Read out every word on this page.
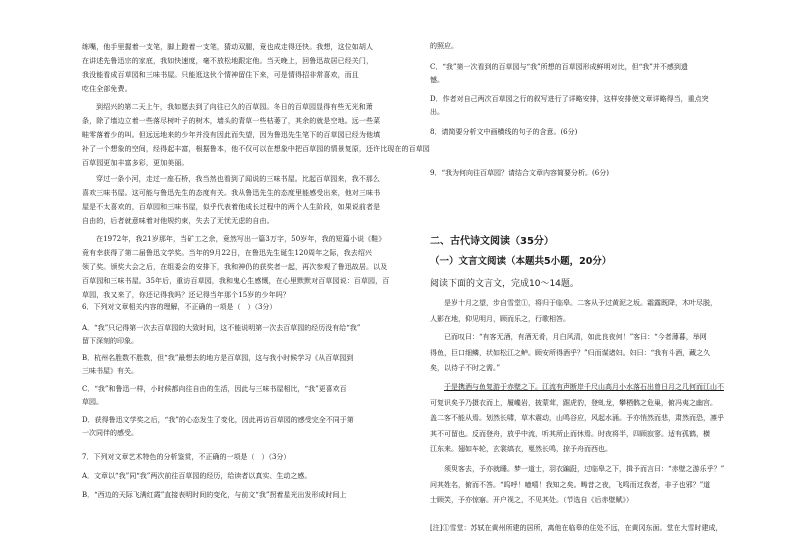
练嘴，他手里握着一支笔，脚上蹬着一支笔，猜动双腿，竟也成走得还快。我想，这位如胡人
在讲述先鲁迅宗的家底，我如快速度，毫不放松地跟定他。当天晚上，回鲁迅故居已经关门，
我没能看成百草园和三味书屋。只能逛这伙个情神留住下来，可是情得招非常喜欢，而且
吃住全部免费。
到绍兴的第二天上午，我如愿去到了向往已久的百草园。冬日的百草园显得有些无光和萧
条，除了墙边立着一些落尽树叶子的树木，墙头的青草一些枯萎了，其余的就是空地。远一些菜
畦零落着少的叫。但远远地来的少年并没有因此而失望，因为鲁迅先生笔下的百草园已经为他填
补了一个想象的空间，经得起丰富，根据鲁本，他不仅可以在想象中把百草园的情景复原，还许比现在的百草园
百草园更加丰富多彩，更加美丽。
穿过一条小河，走过一座石桥，我当然也看到了闻说的三味书屋。比起百草园来，我不那么
喜欢三味书屋。这可能与鲁迅先生的态度有关。我从鲁迅先生的态度里能感受出来，他对三味书
屋是不太喜欢的，百草园和三味书屋，似乎代表着他成长过程中的两个人生阶段，如果说前者是
自由的，后者就意味着对他规约束，失去了无忧无虑的自由。
在1972年，我21岁那年，当矿工之余，竟然写出一篇3万字，50岁年，我的短篇小说《鞋》
竟有幸获得了第二届鲁迅文学奖。当年的9月22日，在鲁迅先生诞生120周年之际，我去绍兴
领了奖。颁奖大会之后，在组委会的安排下，我和神仍的获奖者一起，再次参观了鲁迅故居。以及
百草园和三味书屋。35年后，重访百草园，我和鬼心生感慨，在心里默默对百草园说：百草园，百
草园，我又来了，你还记得我吗？还记得当年那个15岁的少年吗？
6．下列对文章相关内容的理解，不正确的一项是（　）（3分）
A．“我”只记得第一次去百草园的大致时间，这不能说明第一次去百草园的经历没有给“我”
留下深刻的印象。
B．杭州名胜数不胜数，但“我”最想去的地方是百草园，这与我小时候学习《从百草园到
三味书屋》有关。
C．“我”和鲁迅一样，小时候都向往自由的生活，因此与三味书屋相比，“我”更喜欢百
草园。
D．获得鲁迅文学奖之后，“我”的心态发生了变化，因此再访百草园的感受完全不同于第
一次同伴的感受。
7．下列对文章艺术特色的分析鉴赏，不正确的一项是（　）（3分）
A．文章以“我”同“我”两次前往百草园的经历，给读者以真实、生动之感。
B．“西边的天际飞满红霞”直接表明时间的变化，与前文“我”拐着星光出发形成时间上
的照应。
C．“我”第一次看到的百草园与“我”所想的百草园形成鲜明对比，但“我”并不感到遗
憾。
D．作者对自己两次百草园之行的叙写进行了详略安排，这样安排使文章详略得当，重点突
出。
8．请简要分析文中画横线的句子的含意。(6分)
9．“我为何向往百草园？请结合文章内容简要分析。(6分)
二、古代诗文阅读（35分）
（一）文言文阅读（本题共5小题，20分）
阅读下面的文言文，完成10～14题。
是岁十月之望，步自雪堂①，将归于临皋。二客从予过黄泥之坂。霜露既降，木叶尽脱，
人影在地，仰见明月，顾而乐之，行歌相答。
已而叹曰：“有客无酒，有酒无肴，月白风清，如此良夜何！”客曰：“今者薄暮，举网
得鱼，巨口细鳞，状如松江之鲈。顾安所得酒乎？”归而谋诸妇。妇曰：“我有斗酒，藏之久
矣，以待子不时之需。”
于是携酒与鱼复游于赤壁之下。江流有声断岸千尺山高月小水落石出曾日月之几何而江山不
可复识矣予乃摄衣而上，履巉岩，披蒙茸，踞虎豹，登虬龙，攀栖鹘之危巢，俯冯夷之幽宫。
盖二客不能从焉。划然长啸，草木震动，山鸣谷应，风起水涌。予亦悄然而悲，肃然而恐，凛乎
其不可留也。反而登舟，放乎中流，听其所止而休焉。时夜将半，四顾寂寥。适有孤鹤，横
江东来。翅如车轮，玄裳缟衣，戛然长鸣，掠予舟而西也。
须臾客去，予亦就睡。梦一道士，羽衣蹁跹，过临皋之下，揖予而言曰：“赤壁之游乐乎？”
问其姓名，俯而不答。“呜呼！噫嘻！我知之矣。畴昔之夜，飞鸣而过我者，非子也邪？”道
士顾笑，予亦惊寤。开户视之，不见其处。（节选自《后赤壁赋》）
[注]①雪堂：苏轼在黄州所建的居所，离他在临皋的住处不远，在黄冈东面。堂在大雪时建成，
